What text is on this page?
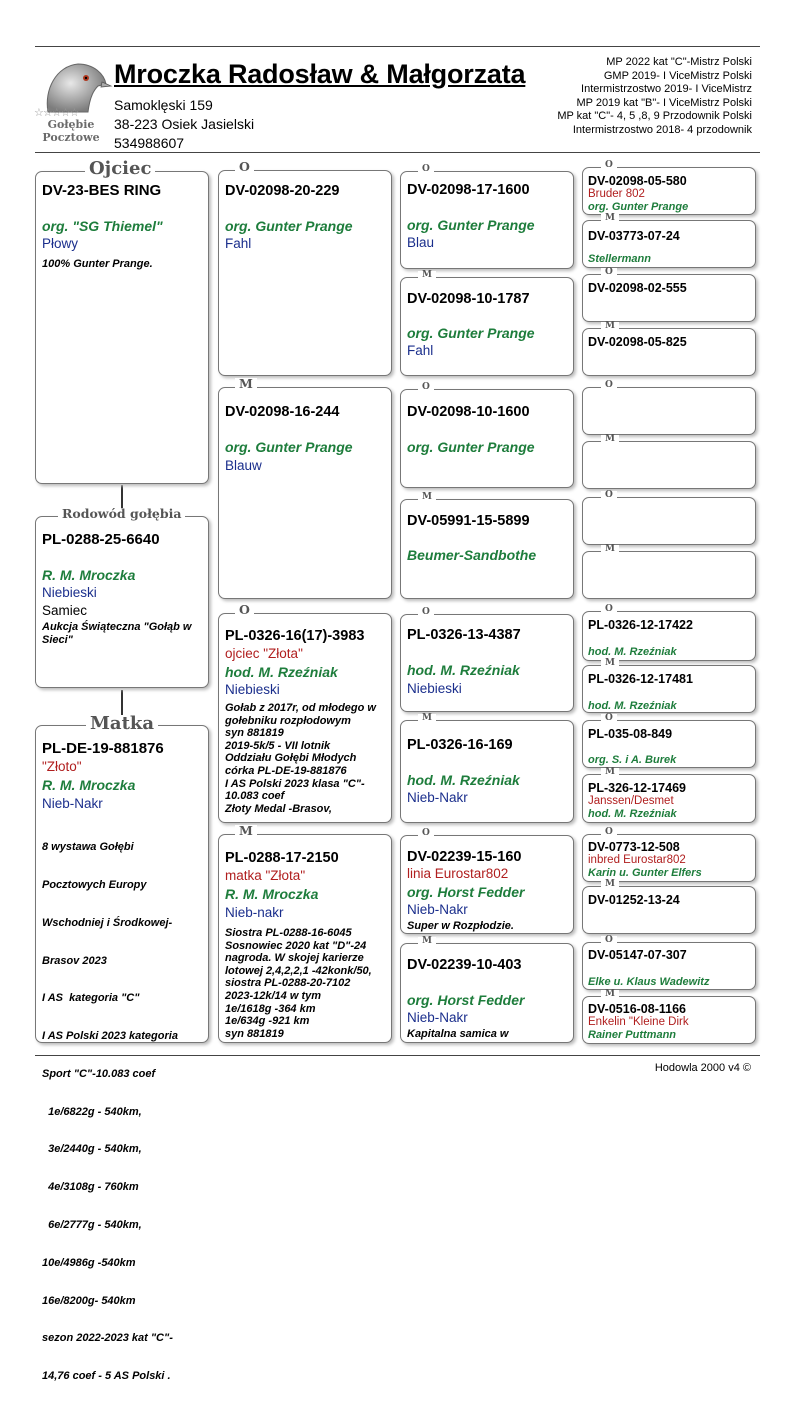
☆☆☆☆☆
Gołębie Pocztowe
Mroczka Radosław & Małgorzata
Samoklęski 159
38-223 Osiek Jasielski
534988607
MP 2022 kat "C"-Mistrz Polski
GMP 2019- I ViceMistrz Polski
Intermistrzostwo 2019- I ViceMistrz
MP 2019 kat "B"- I ViceMistrz Polski
MP kat "C"- 4, 5 ,8, 9 Przodownik Polski
Intermistrzostwo 2018- 4 przodownik
DV-23-BES RING
org. "SG Thiemel"
Płowy
100% Gunter Prange.
Ojciec
PL-0288-25-6640
R. M. Mroczka
Niebieski
Samiec
Aukcja Świąteczna "Gołąb w Sieci"
Rodowód gołębia
PL-DE-19-881876
"Złoto"
R. M. Mroczka
Nieb-Nakr

8 wystawa Gołębi

Pocztowych Europy

Wschodniej i Środkowej-

Brasov 2023

I AS  kategoria "C"

I AS Polski 2023 kategoria

Sport "C"-10.083 coef

1e/6822g - 540km,

3e/2440g - 540km,

4e/3108g - 760km

6e/2777g - 540km,

10e/4986g -540km

16e/8200g- 540km

sezon 2022-2023 kat "C"-

14,76 coef - 5 AS Polski .

Matka
DV-02098-20-229
org. Gunter Prange
Fahl
O
DV-02098-16-244
org. Gunter Prange
Blauw
M
PL-0326-16(17)-3983
ojciec "Złota"
hod. M. Rzeźniak
Niebieski
Gołab z 2017r, od młodego w
gołebniku rozpłodowym
syn 881819
2019-5k/5 - VII lotnik
Oddziału Gołębi Młodych
córka PL-DE-19-881876
I AS Polski 2023 klasa "C"-
10.083 coef
Złoty Medal -Brasov,
O
PL-0288-17-2150
matka "Złota"
R. M. Mroczka
Nieb-nakr
Siostra PL-0288-16-6045
Sosnowiec 2020 kat "D"-24
nagroda. W skojej karierze
lotowej 2,4,2,2,1 -42konk/50,
siostra PL-0288-20-7102
2023-12k/14 w tym
1e/1618g -364 km
1e/634g -921 km
syn 881819
M
DV-02098-17-1600
org. Gunter Prange
Blau
O
DV-02098-10-1787
org. Gunter Prange
Fahl
M
DV-02098-10-1600
org. Gunter Prange
O
DV-05991-15-5899
Beumer-Sandbothe
M
PL-0326-13-4387
hod. M. Rzeźniak
Niebieski
O
PL-0326-16-169
hod. M. Rzeźniak
Nieb-Nakr
M
DV-02239-15-160
linia Eurostar802
org. Horst Fedder
Nieb-Nakr
Super w Rozpłodzie.
O
DV-02239-10-403
org. Horst Fedder
Nieb-Nakr
Kapitalna samica w
M
DV-02098-05-580
Bruder 802
org. Gunter Prange
O
DV-03773-07-24
Stellermann
M
DV-02098-02-555
O
DV-02098-05-825
M
O
M
O
M
PL-0326-12-17422
hod. M. Rzeźniak
O
PL-0326-12-17481
hod. M. Rzeźniak
M
PL-035-08-849
org. S. i A. Burek
O
PL-326-12-17469
Janssen/Desmet
hod. M. Rzeźniak
M
DV-0773-12-508
inbred Eurostar802
Karin u. Gunter Elfers
O
DV-01252-13-24
M
DV-05147-07-307
Elke u. Klaus Wadewitz
O
DV-0516-08-1166
Enkelin "Kleine Dirk
Rainer Puttmann
M
Hodowla 2000 v4 ©
